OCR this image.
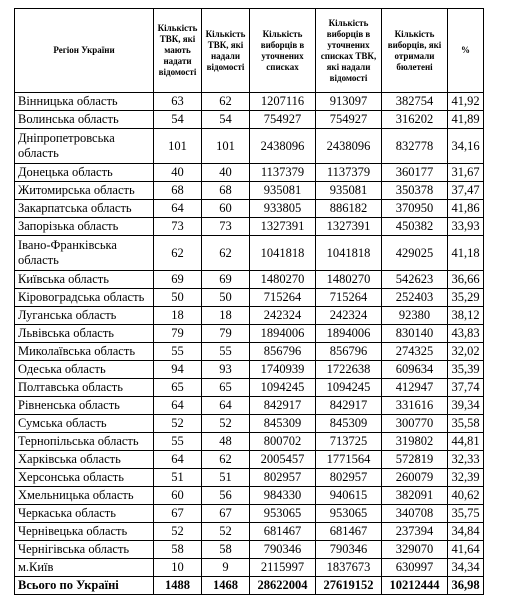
Регіон України	Кількість ТВК, які мають надати відомості	Кількість ТВК, які надали відомості	Кількість виборців в уточнених списках	Кількість виборців в уточнених списках ТВК, які надали відомості	Кількість виборців, які отримали бюлетені	%
Вінницька область	63	62	1207116	913097	382754	41,92
Волинська область	54	54	754927	754927	316202	41,89
Дніпропетровська область	101	101	2438096	2438096	832778	34,16
Донецька область	40	40	1137379	1137379	360177	31,67
Житомирська область	68	68	935081	935081	350378	37,47
Закарпатська область	64	60	933805	886182	370950	41,86
Запорізька область	73	73	1327391	1327391	450382	33,93
Івано-Франківська область	62	62	1041818	1041818	429025	41,18
Київська область	69	69	1480270	1480270	542623	36,66
Кіровоградська область	50	50	715264	715264	252403	35,29
Луганська область	18	18	242324	242324	92380	38,12
Львівська область	79	79	1894006	1894006	830140	43,83
Миколаївська область	55	55	856796	856796	274325	32,02
Одеська область	94	93	1740939	1722638	609634	35,39
Полтавська область	65	65	1094245	1094245	412947	37,74
Рівненська область	64	64	842917	842917	331616	39,34
Сумська область	52	52	845309	845309	300770	35,58
Тернопільська область	55	48	800702	713725	319802	44,81
Харківська область	64	62	2005457	1771564	572819	32,33
Херсонська область	51	51	802957	802957	260079	32,39
Хмельницька область	60	56	984330	940615	382091	40,62
Черкаська область	67	67	953065	953065	340708	35,75
Чернівецька область	52	52	681467	681467	237394	34,84
Чернігівська область	58	58	790346	790346	329070	41,64
м.Київ	10	9	2115997	1837673	630997	34,34
Всього по Україні	1488	1468	28622004	27619152	10212444	36,98
